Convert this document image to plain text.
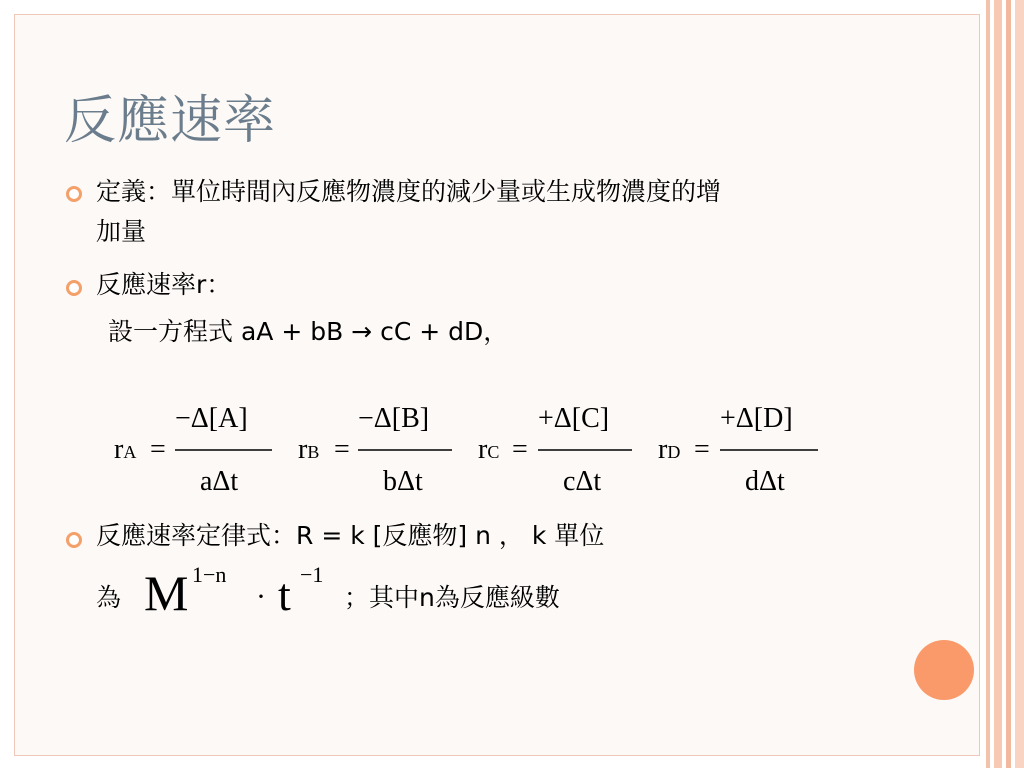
反應速率
定義：單位時間內反應物濃度的減少量或生成物濃度的增
加量
反應速率r：
設一方程式 aA + bB → cC + dD，
rA =
−Δ[A]
aΔt
rB =
−Δ[B]
bΔt
rC =
+Δ[C]
cΔt
rD =
+Δ[D]
dΔt
反應速率定律式：R = k [反應物] n ， k 單位
為 M 1−n
· t −1
；其中n為反應級數
